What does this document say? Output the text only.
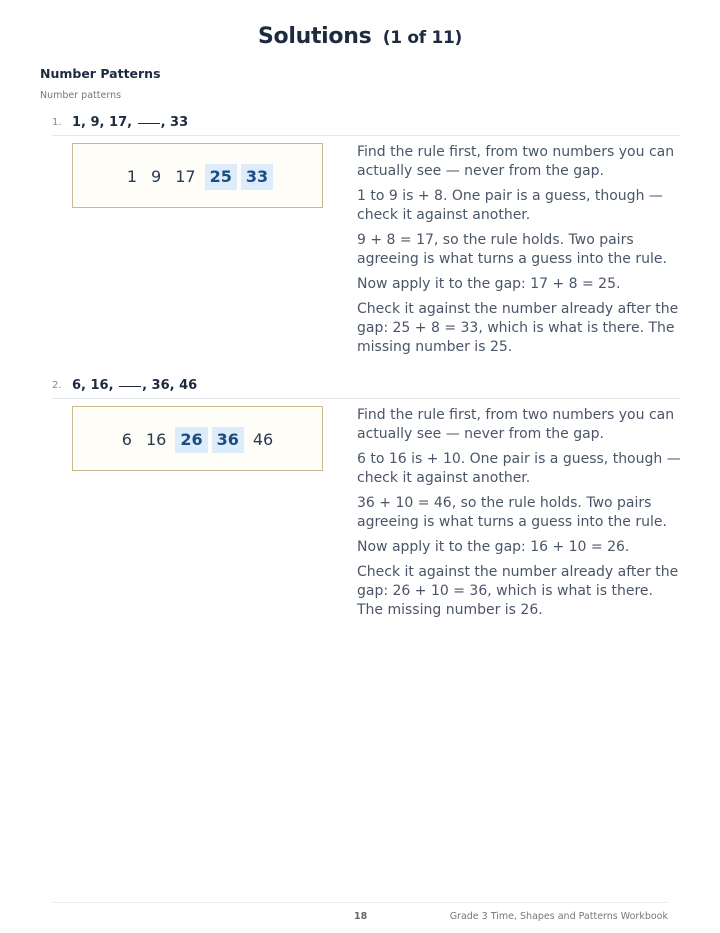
Solutions (1 of 11)
Number Patterns
Number patterns
1. 1, 9, 17, , 33
1 9 17 25 33

Find the rule first, from two numbers you can actually see — never from the gap.

1 to 9 is + 8. One pair is a guess, though — check it against another.

9 + 8 = 17, so the rule holds. Two pairs agreeing is what turns a guess into the rule.

Now apply it to the gap: 17 + 8 = 25.

Check it against the number already after the gap: 25 + 8 = 33, which is what is there. The missing number is 25.

2. 6, 16, , 36, 46
6 16 26 36 46

Find the rule first, from two numbers you can actually see — never from the gap.

6 to 16 is + 10. One pair is a guess, though — check it against another.

36 + 10 = 46, so the rule holds. Two pairs agreeing is what turns a guess into the rule.

Now apply it to the gap: 16 + 10 = 26.

Check it against the number already after the gap: 26 + 10 = 36, which is what is there. The missing number is 26.

18	Grade 3 Time, Shapes and Patterns Workbook
